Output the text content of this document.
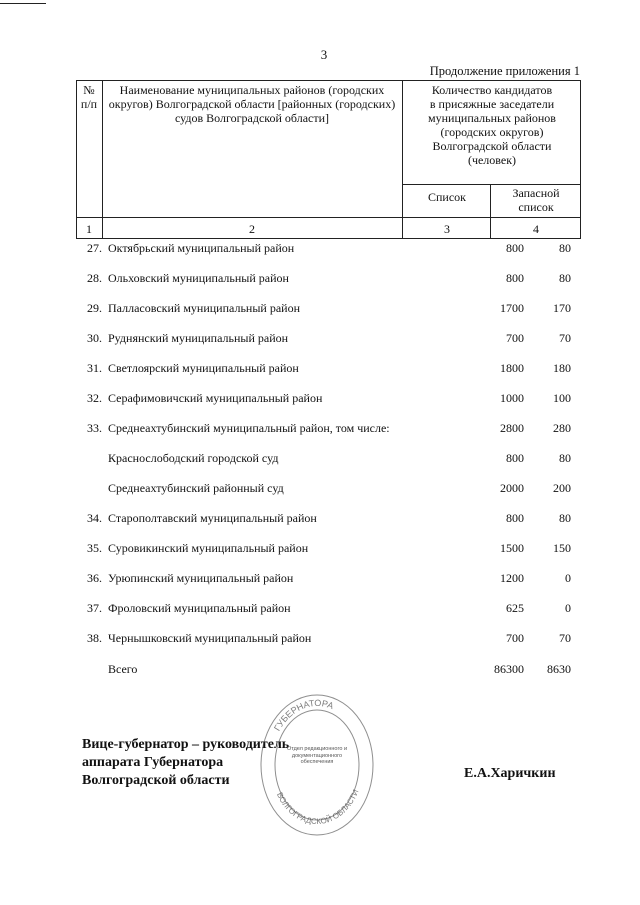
3
Продолжение приложения 1
№
п/п
Наименование муниципальных районов (городских округов) Волгоградской области [районных (городских) судов Волгоградской области]
Количество кандидатов
в присяжные заседатели
муниципальных районов
(городских округов)
Волгоградской области
(человек)
Список	Запасной
список
1	2	3	4
27. Октябрьский муниципальный район	800	80
28. Ольховский муниципальный район	800	80
29. Палласовский муниципальный район	1700	170
30. Руднянский муниципальный район	700	70
31. Светлоярский муниципальный район	1800	180
32. Серафимовичский муниципальный район	1000	100
33. Среднеахтубинский муниципальный район, том числе:	2800	280
Краснослободский городской суд	800	80
Среднеахтубинский районный суд	2000	200
34. Старополтавский муниципальный район	800	80
35. Суровикинский муниципальный район	1500	150
36. Урюпинский муниципальный район	1200	0
37. Фроловский муниципальный район	625	0
38. Чернышковский муниципальный район	700	70
Всего	86300	8630
Вице-губернатор – руководитель
аппарата Губернатора
Волгоградской области	Е.А.Харичкин
ГУБЕРНАТОРА
ВОЛГОГРАДСКОЙ ОБЛАСТИ
Отдел редакционного и документационного обеспечения
